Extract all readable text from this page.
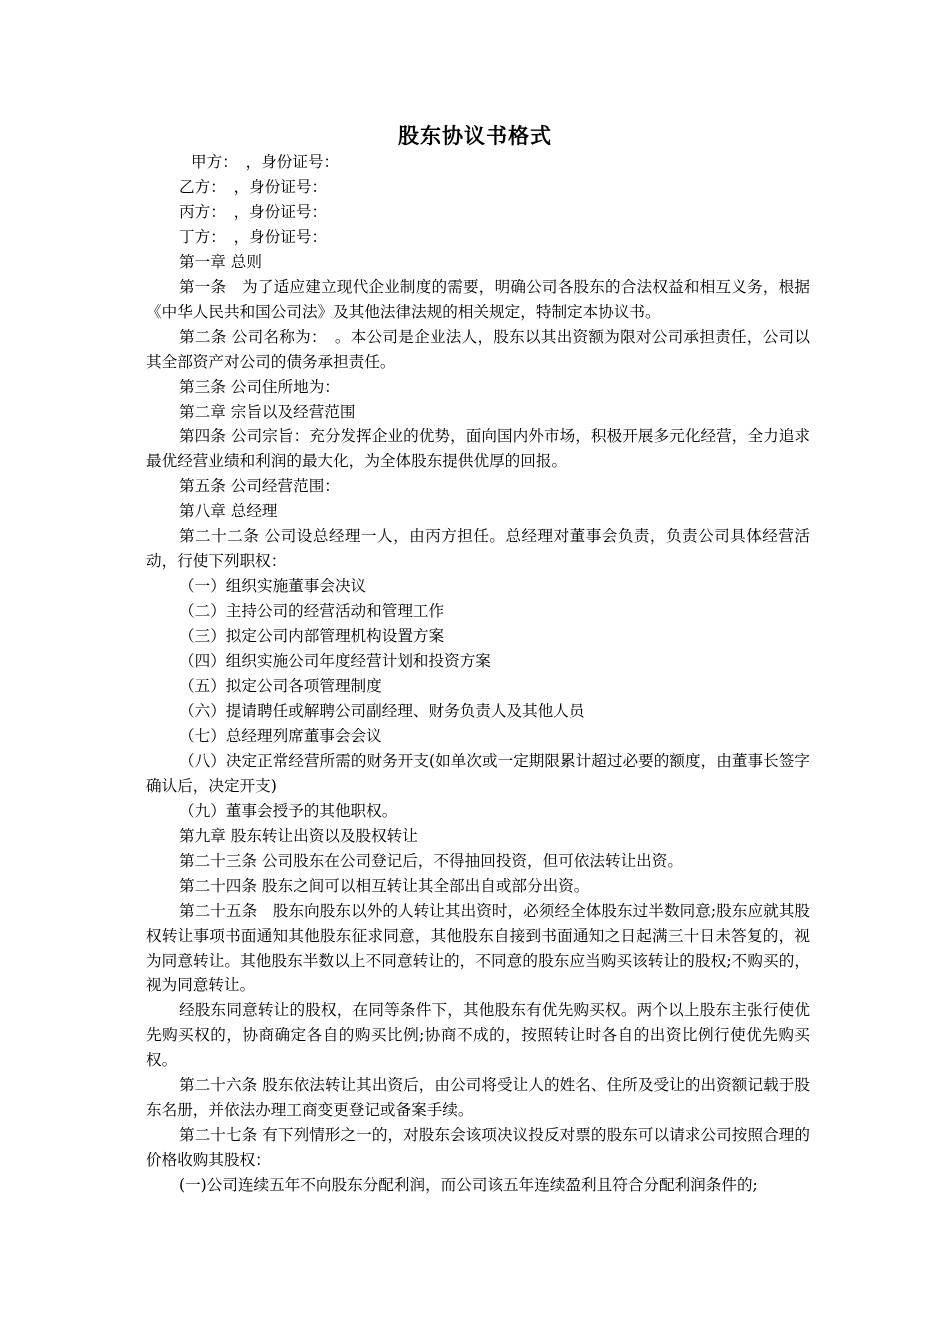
股东协议书格式

甲方：　，身份证号：

乙方：　，身份证号：

丙方：　，身份证号：

丁方：　，身份证号：

第一章 总则

第一条　为了适应建立现代企业制度的需要，明确公司各股东的合法权益和相互义务，根据《中华人民共和国公司法》及其他法律法规的相关规定，特制定本协议书。

第二条 公司名称为：　。本公司是企业法人，股东以其出资额为限对公司承担责任，公司以其全部资产对公司的债务承担责任。

第三条 公司住所地为：

第二章 宗旨以及经营范围

第四条 公司宗旨：充分发挥企业的优势，面向国内外市场，积极开展多元化经营，全力追求最优经营业绩和利润的最大化，为全体股东提供优厚的回报。

第五条 公司经营范围：

第八章 总经理

第二十二条 公司设总经理一人，由丙方担任。总经理对董事会负责，负责公司具体经营活动，行使下列职权：

（一）组织实施董事会决议

（二）主持公司的经营活动和管理工作

（三）拟定公司内部管理机构设置方案

（四）组织实施公司年度经营计划和投资方案

（五）拟定公司各项管理制度

（六）提请聘任或解聘公司副经理、财务负责人及其他人员

（七）总经理列席董事会会议

（八）决定正常经营所需的财务开支(如单次或一定期限累计超过必要的额度，由董事长签字确认后，决定开支)

（九）董事会授予的其他职权。

第九章 股东转让出资以及股权转让

第二十三条 公司股东在公司登记后，不得抽回投资，但可依法转让出资。

第二十四条 股东之间可以相互转让其全部出自或部分出资。

第二十五条　股东向股东以外的人转让其出资时，必须经全体股东过半数同意;股东应就其股权转让事项书面通知其他股东征求同意，其他股东自接到书面通知之日起满三十日未答复的，视为同意转让。其他股东半数以上不同意转让的，不同意的股东应当购买该转让的股权;不购买的，视为同意转让。

经股东同意转让的股权，在同等条件下，其他股东有优先购买权。两个以上股东主张行使优先购买权的，协商确定各自的购买比例;协商不成的，按照转让时各自的出资比例行使优先购买权。

第二十六条 股东依法转让其出资后，由公司将受让人的姓名、住所及受让的出资额记载于股东名册，并依法办理工商变更登记或备案手续。

第二十七条 有下列情形之一的，对股东会该项决议投反对票的股东可以请求公司按照合理的价格收购其股权：

(一)公司连续五年不向股东分配利润，而公司该五年连续盈利且符合分配利润条件的;
